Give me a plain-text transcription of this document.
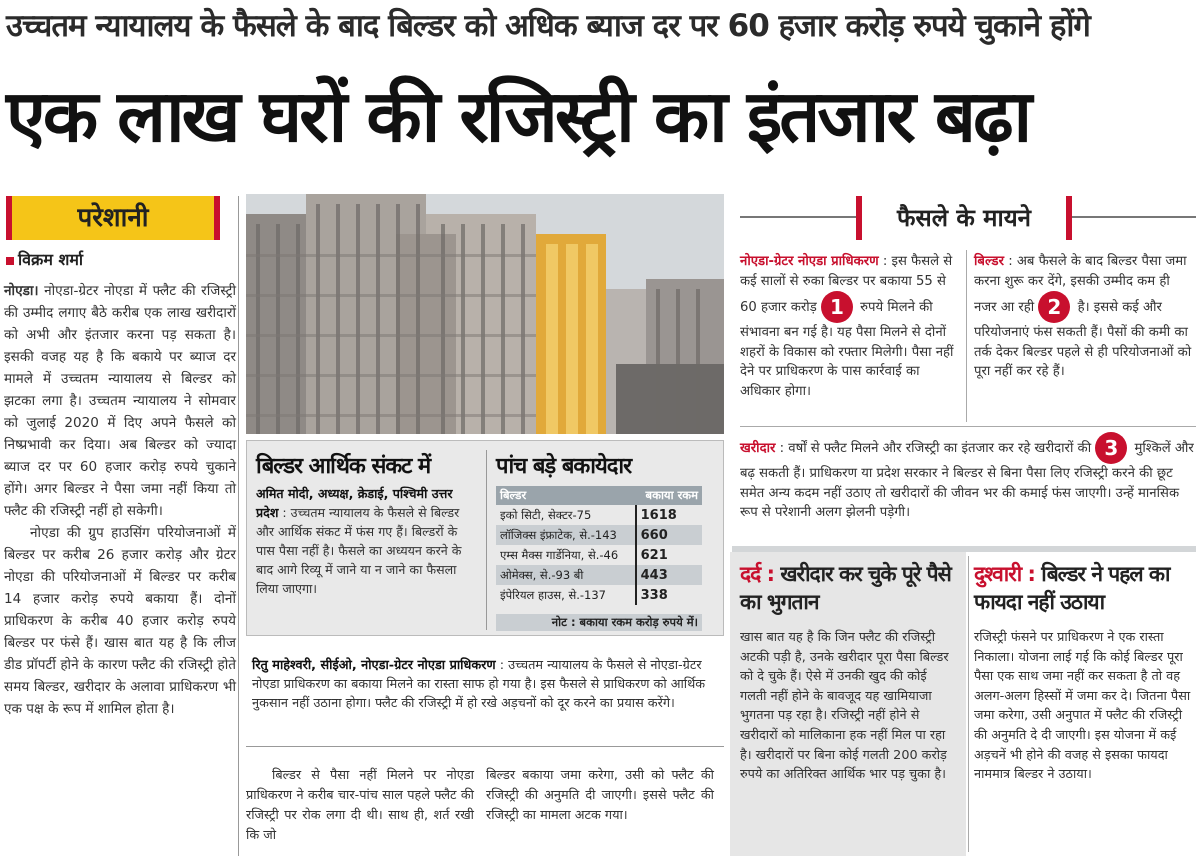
उच्चतम न्यायालय के फैसले के बाद बिल्डर को अधिक ब्याज दर पर 60 हजार करोड़ रुपये चुकाने होंगे
एक लाख घरों की रजिस्ट्री का इंतजार बढ़ा
परेशानी
विक्रम शर्मा

नोएडा। नोएडा-ग्रेटर नोएडा में फ्लैट की रजिस्ट्री की उम्मीद लगाए बैठे करीब एक लाख खरीदारों को अभी और इंतजार करना पड़ सकता है। इसकी वजह यह है कि बकाये पर ब्याज दर मामले में उच्चतम न्यायालय से बिल्डर को झटका लगा है। उच्चतम न्यायालय ने सोमवार को जुलाई 2020 में दिए अपने फैसले को निष्प्रभावी कर दिया। अब बिल्डर को ज्यादा ब्याज दर पर 60 हजार करोड़ रुपये चुकाने होंगे। अगर बिल्डर ने पैसा जमा नहीं किया तो फ्लैट की रजिस्ट्री नहीं हो सकेगी।

नोएडा की ग्रुप हाउसिंग परियोजनाओं में बिल्डर पर करीब 26 हजार करोड़ और ग्रेटर नोएडा की परियोजनाओं में बिल्डर पर करीब 14 हजार करोड़ रुपये बकाया हैं। दोनों प्राधिकरण के करीब 40 हजार करोड़ रुपये बिल्डर पर फंसे हैं। खास बात यह है कि लीज डीड प्रॉपर्टी होने के कारण फ्लैट की रजिस्ट्री होते समय बिल्डर, खरीदार के अलावा प्राधिकरण भी एक पक्ष के रूप में शामिल होता है।

बिल्डर आर्थिक संकट में
अमित मोदी, अध्यक्ष, क्रेडाई, पश्चिमी उत्तर प्रदेश : उच्चतम न्यायालय के फैसले से बिल्डर और आर्थिक संकट में फंस गए हैं। बिल्डरों के पास पैसा नहीं है। फैसले का अध्ययन करने के बाद आगे रिव्यू में जाने या न जाने का फैसला लिया जाएगा।
पांच बड़े बकायेदार
बिल्डर	बकाया रकम
इको सिटी, सेक्टर-75	1618
लॉजिक्स इंफ्राटेक, से.-143	660
एम्स मैक्स गार्डेनिया, से.-46	621
ओमेक्स, से.-93 बी	443
इंपेरियल हाउस, से.-137	338
नोट : बकाया रकम करोड़ रुपये में।
रितु माहेश्वरी, सीईओ, नोएडा-ग्रेटर नोएडा प्राधिकरण : उच्चतम न्यायालय के फैसले से नोएडा-ग्रेटर नोएडा प्राधिकरण का बकाया मिलने का रास्ता साफ हो गया है। इस फैसले से प्राधिकरण को आर्थिक नुकसान नहीं उठाना होगा। फ्लैट की रजिस्ट्री में हो रखे अड़चनों को दूर करने का प्रयास करेंगे।
बिल्डर से पैसा नहीं मिलने पर नोएडा प्राधिकरण ने करीब चार-पांच साल पहले फ्लैट की रजिस्ट्री पर रोक लगा दी थी। साथ ही, शर्त रखी कि जो
बिल्डर बकाया जमा करेगा, उसी को फ्लैट की रजिस्ट्री की अनुमति दी जाएगी। इससे फ्लैट की रजिस्ट्री का मामला अटक गया।
फैसले के मायने
नोएडा-ग्रेटर नोएडा प्राधिकरण : इस फैसले से कई सालों से रुका बिल्डर पर बकाया 55 से 60 हजार करोड़ 1 रुपये मिलने की संभावना बन गई है। यह पैसा मिलने से दोनों शहरों के विकास को रफ्तार मिलेगी। पैसा नहीं देने पर प्राधिकरण के पास कार्रवाई का अधिकार होगा।
बिल्डर : अब फैसले के बाद बिल्डर पैसा जमा करना शुरू कर देंगे, इसकी उम्मीद कम ही नजर आ रही 2 है। इससे कई और परियोजनाएं फंस सकती हैं। पैसों की कमी का तर्क देकर बिल्डर पहले से ही परियोजनाओं को पूरा नहीं कर रहे हैं।
खरीदार : वर्षों से फ्लैट मिलने और रजिस्ट्री का इंतजार कर रहे खरीदारों की 3 मुश्किलें और बढ़ सकती हैं। प्राधिकरण या प्रदेश सरकार ने बिल्डर से बिना पैसा लिए रजिस्ट्री करने की छूट समेत अन्य कदम नहीं उठाए तो खरीदारों की जीवन भर की कमाई फंस जाएगी। उन्हें मानसिक रूप से परेशानी अलग झेलनी पड़ेगी।
दर्द : खरीदार कर चुके पूरे पैसे का भुगतान
खास बात यह है कि जिन फ्लैट की रजिस्ट्री अटकी पड़ी है, उनके खरीदार पूरा पैसा बिल्डर को दे चुके हैं। ऐसे में उनकी खुद की कोई गलती नहीं होने के बावजूद यह खामियाजा भुगतना पड़ रहा है। रजिस्ट्री नहीं होने से खरीदारों को मालिकाना हक नहीं मिल पा रहा है। खरीदारों पर बिना कोई गलती 200 करोड़ रुपये का अतिरिक्त आर्थिक भार पड़ चुका है।
दुश्वारी : बिल्डर ने पहल का फायदा नहीं उठाया
रजिस्ट्री फंसने पर प्राधिकरण ने एक रास्ता निकाला। योजना लाई गई कि कोई बिल्डर पूरा पैसा एक साथ जमा नहीं कर सकता है तो वह अलग-अलग हिस्सों में जमा कर दे। जितना पैसा जमा करेगा, उसी अनुपात में फ्लैट की रजिस्ट्री की अनुमति दे दी जाएगी। इस योजना में कई अड़चनें भी होने की वजह से इसका फायदा नाममात्र बिल्डर ने उठाया।
